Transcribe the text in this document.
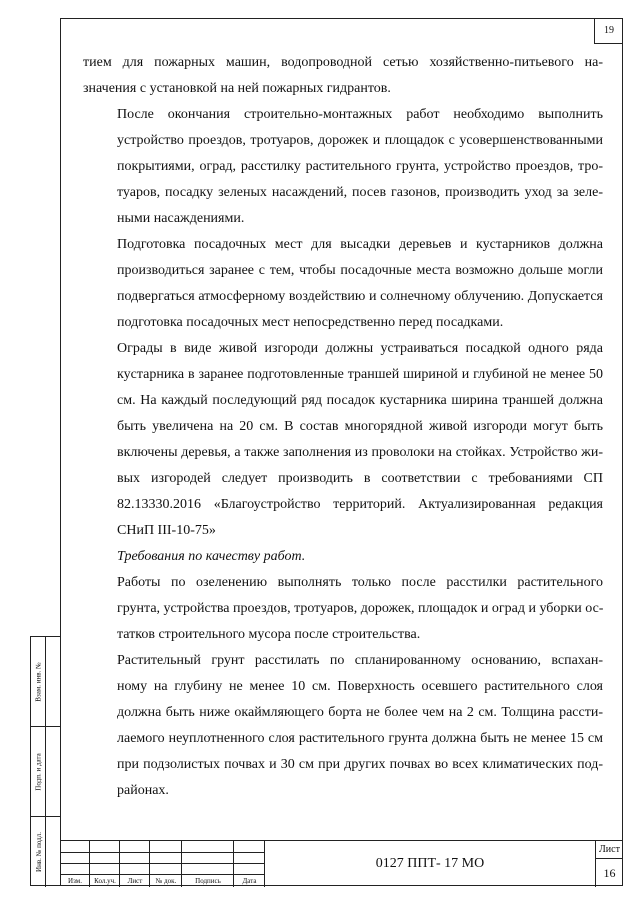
19

тием для пожарных машин, водопроводной сетью хозяйственно-питьевого на-
значения с установкой на ней пожарных гидрантов.

После окончания строительно-монтажных работ необходимо выполнить
устройство проездов, тротуаров, дорожек и площадок с усовершенствованными
покрытиями, оград, расстилку растительного грунта, устройство проездов, тро-
туаров, посадку зеленых насаждений, посев газонов, производить уход за зеле-
ными насаждениями.

Подготовка посадочных мест для высадки деревьев и кустарников должна
производиться заранее с тем, чтобы посадочные места возможно дольше могли
подвергаться атмосферному воздействию и солнечному облучению. Допускается
подготовка посадочных мест непосредственно перед посадками.

Ограды в виде живой изгороди должны устраиваться посадкой одного ряда
кустарника в заранее подготовленные траншей шириной и глубиной не менее 50
см. На каждый последующий ряд посадок кустарника ширина траншей должна
быть увеличена на 20 см. В состав многорядной живой изгороди могут быть
включены деревья, а также заполнения из проволоки на стойках. Устройство жи-
вых изгородей следует производить в соответствии с требованиями СП
82.13330.2016 «Благоустройство территорий. Актуализированная редакция
СНиП III-10-75»

Требования по качеству работ.

Работы по озеленению выполнять только после расстилки растительного
грунта, устройства проездов, тротуаров, дорожек, площадок и оград и уборки ос-
татков строительного мусора после строительства.

Растительный грунт расстилать по спланированному основанию, вспахан-
ному на глубину не менее 10 см. Поверхность осевшего растительного слоя
должна быть ниже окаймляющего борта не более чем на 2 см. Толщина рассти-
лаемого неуплотненного слоя растительного грунта должна быть не менее 15 см
при подзолистых почвах и 30 см при других почвах во всех климатических под-
районах.

Взам. инв. №
Подп. и дата
Инв. № подл.
Изм.	Кол.уч.	Лист	№ док.	Подпись	Дата
0127 ППТ- 17 МО
Лист
16
